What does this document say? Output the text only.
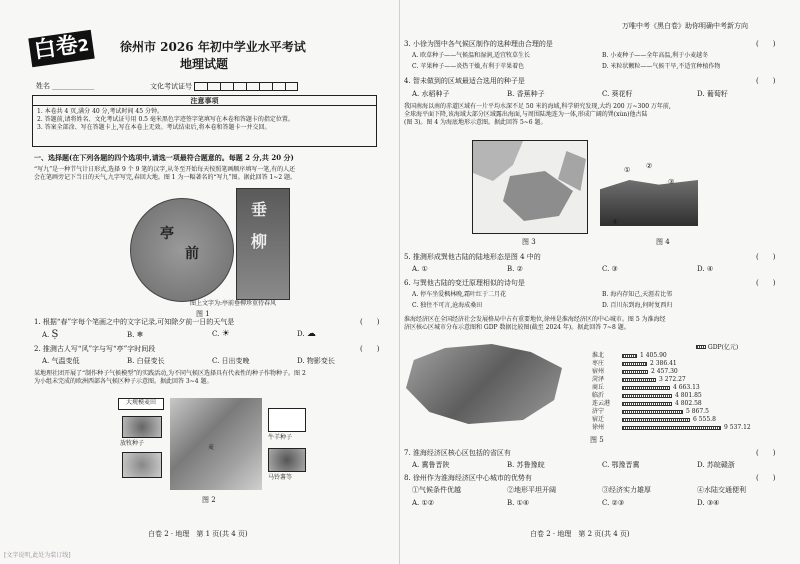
白卷2	徐州市 2026 年初中学业水平考试
地理试题
姓名 ____________	文化考试证号
注意事项
1. 本卷共 4 页,满分 40 分,考试时间 45 分钟。
2. 答题前,请将姓名、文化考试证号用 0.5 毫米黑色字迹签字笔填写在本卷和答题卡的指定位置。
3. 答案全部涂、写在答题卡上,写在本卷上无效。考试结束后,将本卷和答题卡一并交回。
一、选择题(在下列各题的四个选项中,请选一项最符合题意的。每题 2 分,共 20 分)
“写九”是一种节气计日形式,选择 9 个 9 笔的汉字,从冬至开始每天按照笔画顺序填写一笔,有的人还
会在笔画旁记下当日的天气,九字写完,春回大地。图 1 为一幅著名的“写九”图。据此回答 1~2 题。
亭
前
垂
柳
图上文字为:亭前垂柳珍重待春风
图 1
1. 根据“春”字每个笔画之中的文字记录,可知除夕前一日的天气是	(　　)
A. Ș	B. ❄	C. ☀	D. ☁
2. 推测古人写“风”字与写“亭”字时间段	(　　)
A. 气温变低	B. 白昼变长	C. 日出变晚	D. 物影变长
某地理社团开展了“制作种子气候模型”的实践活动,为不同气候区选择具有代表性的种子作物种子。图 2
为小组未完成的欧洲西部各气候区种子示意图。据此回答 3~4 题。
大规模麦田
放牧种子
麦
牛羊种子
马铃薯等
图 2
白卷 2 · 地理　第 1 页(共 4 页)
[文字说明,此处为装订线]
万唯中考《黑白卷》助你明确中考新方向
3. 小徐为图中各气候区制作的选种理由合理的是	(　　)
A. 欧草种子——气候温和湿润,适宜牧草生长	B. 小麦种子——全年高温,利于小麦越冬
C. 苹果种子——炎热干燥,有利于苹果着色	D. 米粒状颗粒——气候干旱,不适宜种植作物
4. 智未做到的区域最适合选用的种子是	(　　)
A. 水稻种子	B. 香蕉种子	C. 葵花籽	D. 葡萄籽
我国南海以南的赤道区域有一片平均水深不足 50 米的海域,科学研究发现,大约 200 万~300 万年前,
全球海平面下降,该海域大部分区域露出海面,与周围陆地连为一体,形成广阔的巽(xùn)他古陆
(图 3)。图 4 为海底地形示意图。据此回答 5~6 题。
图 3
① ②
③
④
图 4
5. 推测形成巽他古陆的陆地形态是图 4 中的	(　　)
A. ①	B. ②	C. ③	D. ④
6. 与巽他古陆的变迁原理相似的诗句是	(　　)
A. 停车坐爱枫林晚,霜叶红于二月花	B. 海内存知己,天涯若比邻
C. 独往不可言,沧海成桑田	D. 百川东到海,何时复西归
淮海经济区在全国经济社会发展格局中占有重要地位,徐州是淮海经济区的中心城市。图 5 为淮海经
济区核心区城市分布示意图和 GDP 数据比较图(截至 2024 年)。据此回答 7~8 题。
GDP(亿元)
淮北	1 405.90
枣庄	2 386.41
宿州	2 457.30
菏泽	3 272.27
商丘	4 663.13
临沂	4 801.85
连云港	4 802.58
济宁	5 867.5
宿迁	6 555.8
徐州	9 537.12
图 5
7. 淮海经济区核心区包括的省区有	(　　)
A. 冀鲁晋陕	B. 苏鲁豫皖	C. 鄂豫晋冀	D. 苏皖赣浙
8. 徐州作为淮海经济区中心城市的优势有	(　　)
①气候条件优越	②地形平坦开阔	③经济实力雄厚	④水陆交通便利
A. ①②	B. ①④	C. ②③	D. ③④
白卷 2 · 地理　第 2 页(共 4 页)
